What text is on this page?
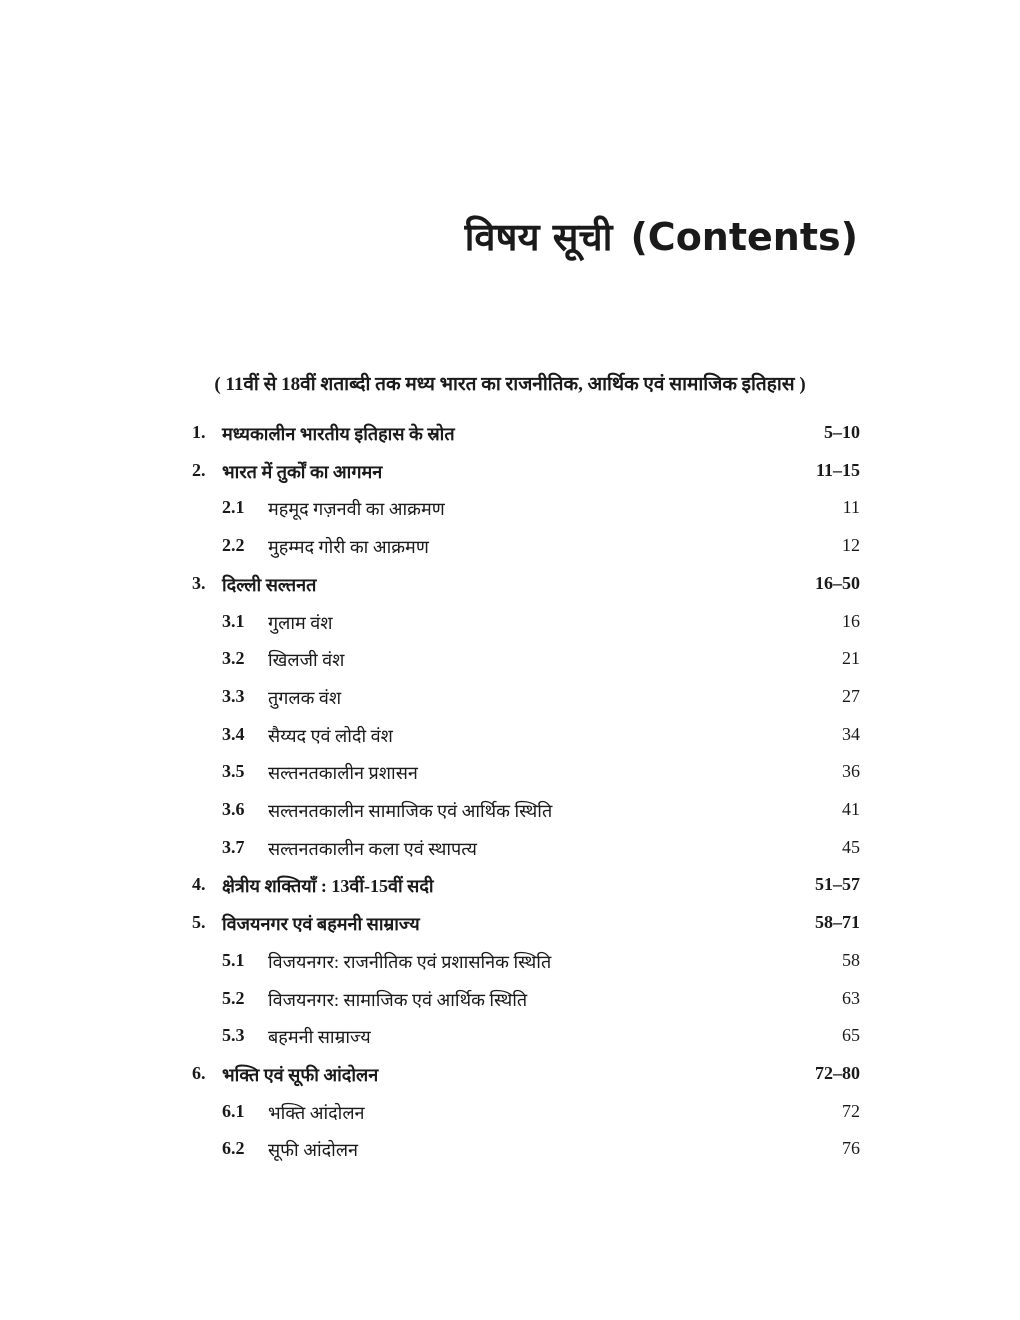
विषय सूची (Contents)
( 11वीं से 18वीं शताब्दी तक मध्य भारत का राजनीतिक, आर्थिक एवं सामाजिक इतिहास )
1. मध्यकालीन भारतीय इतिहास के स्रोत	5–10
2. भारत में तुर्कों का आगमन	11–15
2.1 महमूद गज़नवी का आक्रमण	11
2.2 मुहम्मद गोरी का आक्रमण	12
3. दिल्ली सल्तनत	16–50
3.1 गुलाम वंश	16
3.2 खिलजी वंश	21
3.3 तुगलक वंश	27
3.4 सैय्यद एवं लोदी वंश	34
3.5 सल्तनतकालीन प्रशासन	36
3.6 सल्तनतकालीन सामाजिक एवं आर्थिक स्थिति	41
3.7 सल्तनतकालीन कला एवं स्थापत्य	45
4. क्षेत्रीय शक्तियाँ : 13वीं-15वीं सदी	51–57
5. विजयनगर एवं बहमनी साम्राज्य	58–71
5.1 विजयनगर: राजनीतिक एवं प्रशासनिक स्थिति	58
5.2 विजयनगर: सामाजिक एवं आर्थिक स्थिति	63
5.3 बहमनी साम्राज्य	65
6. भक्ति एवं सूफी आंदोलन	72–80
6.1 भक्ति आंदोलन	72
6.2 सूफी आंदोलन	76
